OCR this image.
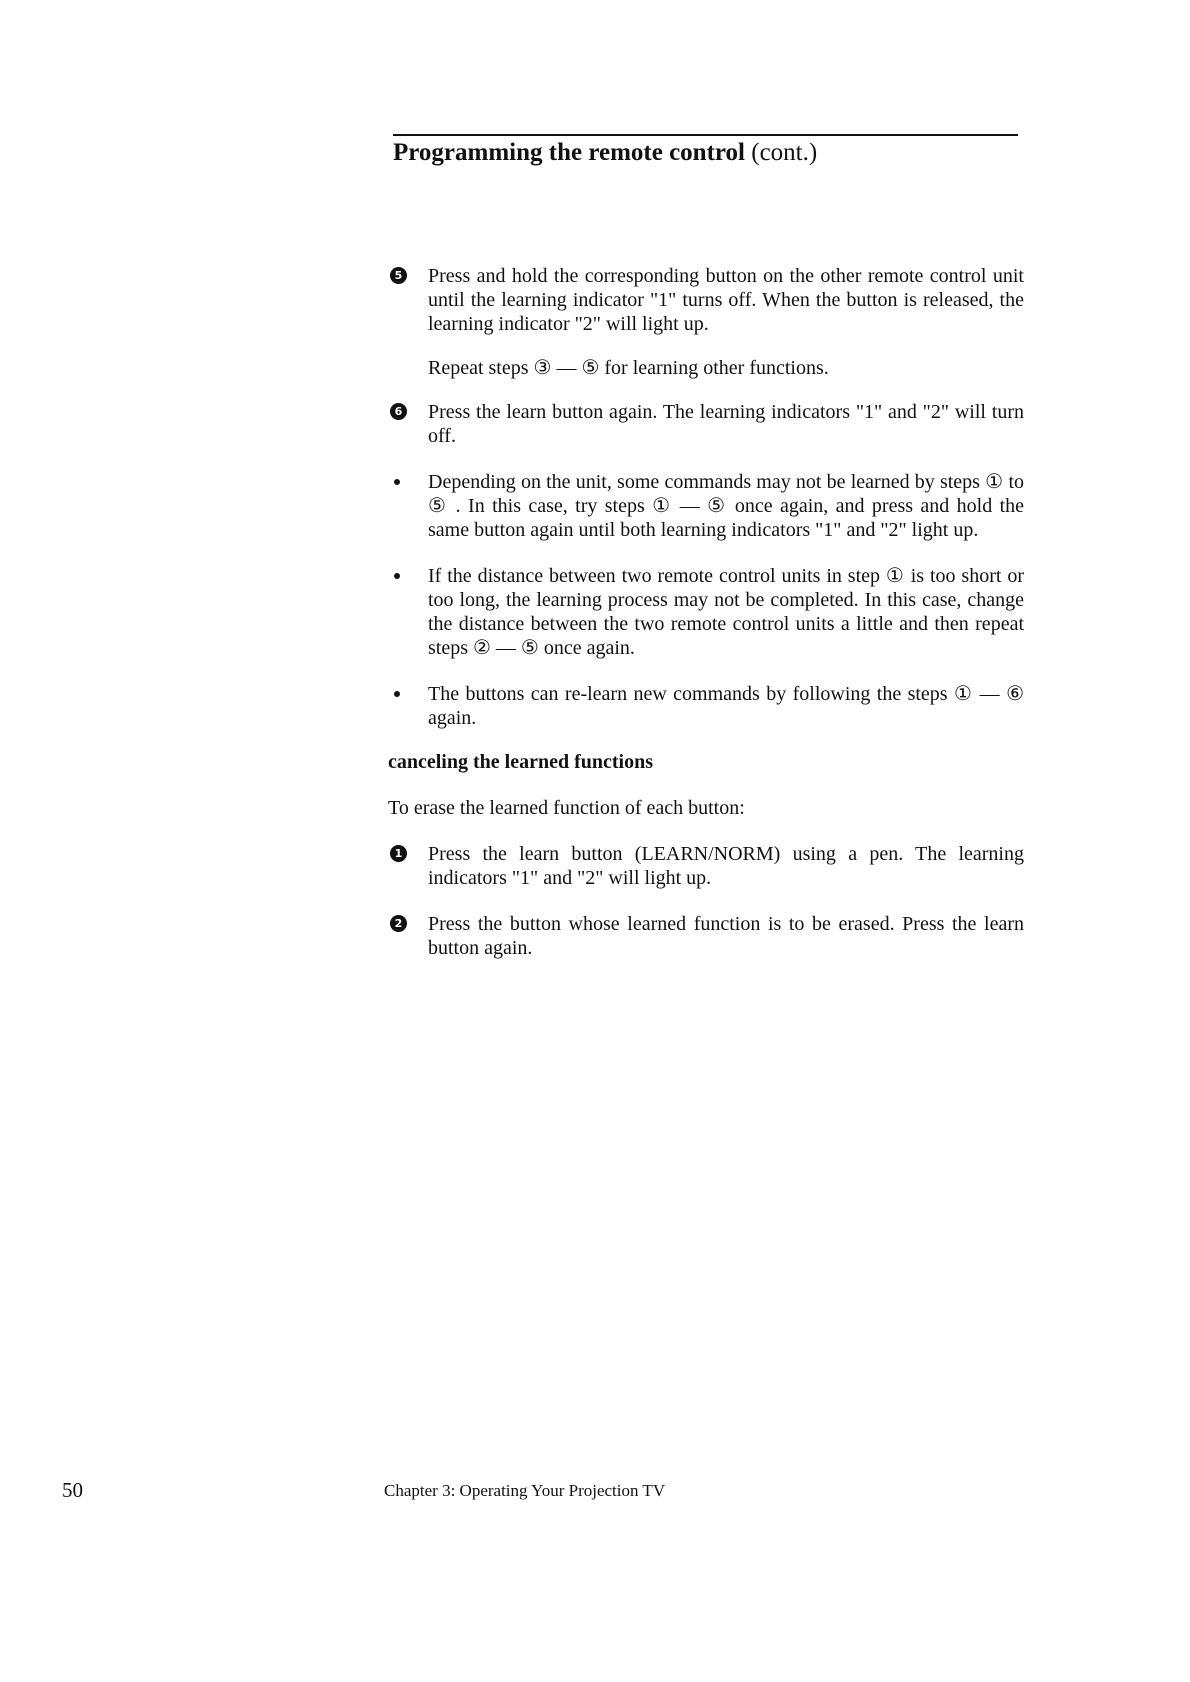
Programming the remote control (cont.)
5 Press and hold the corresponding button on the other remote control unit until the learning indicator "1" turns off. When the button is released, the learning indicator "2" will light up.

Repeat steps ③ — ⑤ for learning other functions.

6 Press the learn button again. The learning indicators "1" and "2" will turn off.

Depending on the unit, some commands may not be learned by steps ① to ⑤ . In this case, try steps ① — ⑤ once again, and press and hold the same button again until both learning indicators "1" and "2" light up.

If the distance between two remote control units in step ① is too short or too long, the learning process may not be completed. In this case, change the distance between the two remote control units a little and then repeat steps ② — ⑤ once again.

The buttons can re-learn new commands by following the steps ① — ⑥ again.

canceling the learned functions

To erase the learned function of each button:

1 Press the learn button (LEARN/NORM) using a pen. The learning indicators "1" and "2" will light up.

2 Press the button whose learned function is to be erased. Press the learn button again.

50	Chapter 3: Operating Your Projection TV
